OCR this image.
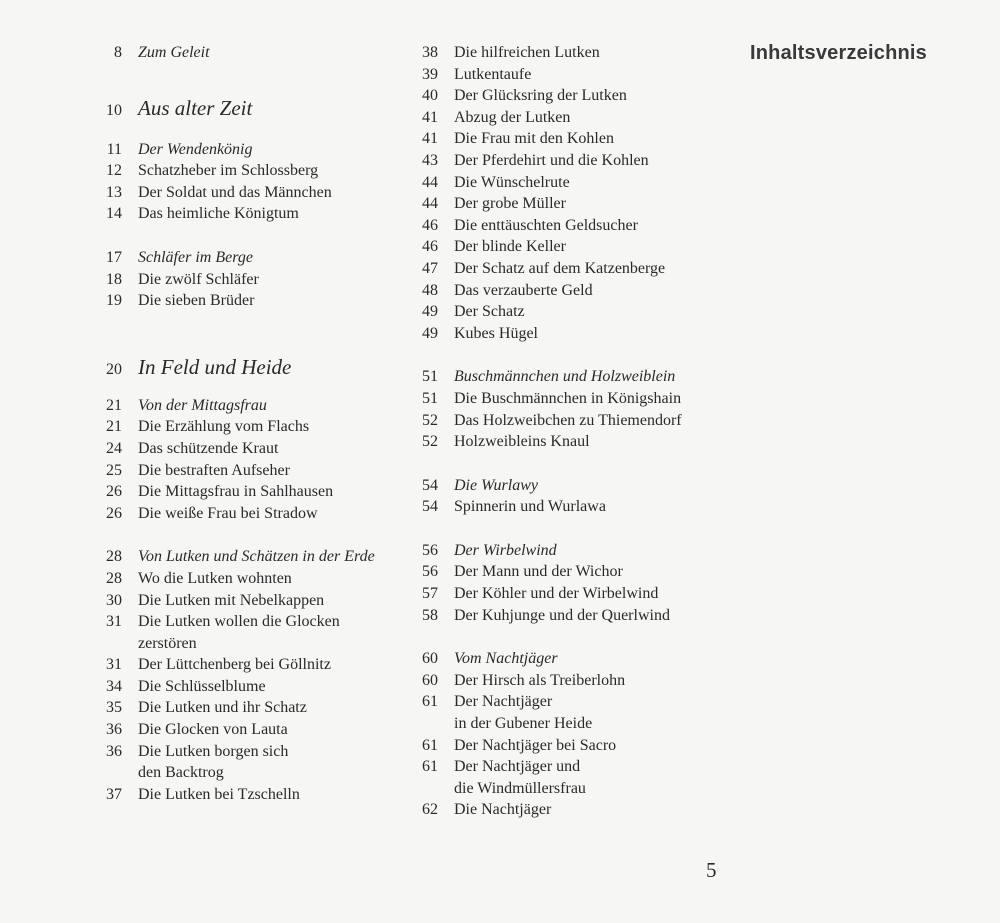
Inhaltsverzeichnis
8 Zum Geleit
10 Aus alter Zeit
11 Der Wendenkönig
12 Schatzheber im Schlossberg
13 Der Soldat und das Männchen
14 Das heimliche Königtum
17 Schläfer im Berge
18 Die zwölf Schläfer
19 Die sieben Brüder
20 In Feld und Heide
21 Von der Mittagsfrau
21 Die Erzählung vom Flachs
24 Das schützende Kraut
25 Die bestraften Aufseher
26 Die Mittagsfrau in Sahlhausen
26 Die weiße Frau bei Stradow
28 Von Lutken und Schätzen in der Erde
28 Wo die Lutken wohnten
30 Die Lutken mit Nebelkappen
31 Die Lutken wollen die Glocken
zerstören
31 Der Lüttchenberg bei Göllnitz
34 Die Schlüsselblume
35 Die Lutken und ihr Schatz
36 Die Glocken von Lauta
36 Die Lutken borgen sich
den Backtrog
37 Die Lutken bei Tzschelln
38 Die hilfreichen Lutken
39 Lutkentaufe
40 Der Glücksring der Lutken
41 Abzug der Lutken
41 Die Frau mit den Kohlen
43 Der Pferdehirt und die Kohlen
44 Die Wünschelrute
44 Der grobe Müller
46 Die enttäuschten Geldsucher
46 Der blinde Keller
47 Der Schatz auf dem Katzenberge
48 Das verzauberte Geld
49 Der Schatz
49 Kubes Hügel
51 Buschmännchen und Holzweiblein
51 Die Buschmännchen in Königshain
52 Das Holzweibchen zu Thiemendorf
52 Holzweibleins Knaul
54 Die Wurlawy
54 Spinnerin und Wurlawa
56 Der Wirbelwind
56 Der Mann und der Wichor
57 Der Köhler und der Wirbelwind
58 Der Kuhjunge und der Querlwind
60 Vom Nachtjäger
60 Der Hirsch als Treiberlohn
61 Der Nachtjäger
in der Gubener Heide
61 Der Nachtjäger bei Sacro
61 Der Nachtjäger und
die Windmüllersfrau
62 Die Nachtjäger
5
